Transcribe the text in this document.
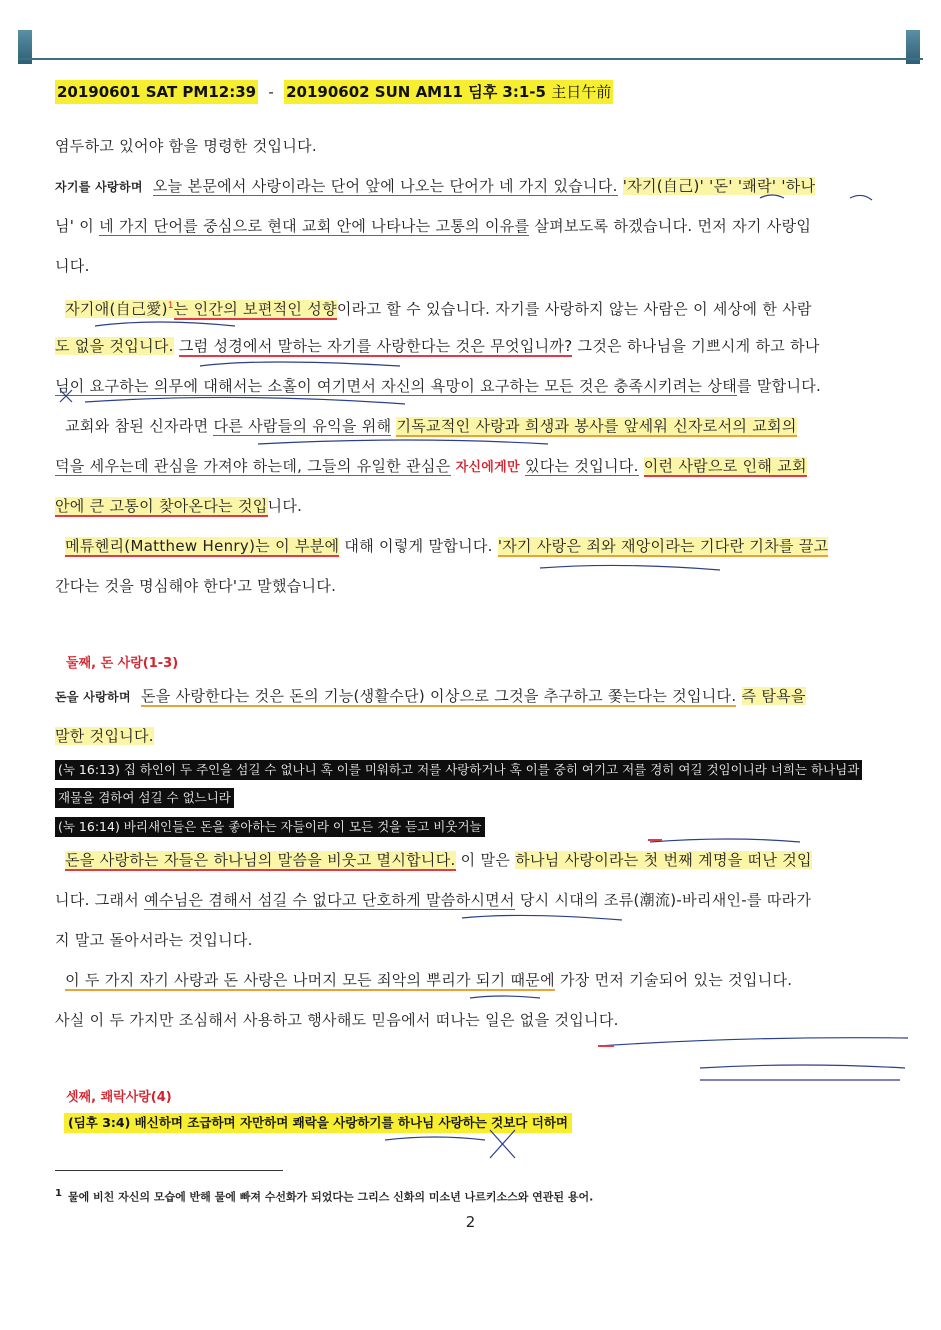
20190601 SAT PM12:39 - 20190602 SUN AM11 딤후 3:1-5 主日午前
염두하고 있어야 함을 명령한 것입니다.
자기를 사랑하며 오늘 본문에서 사랑이라는 단어 앞에 나오는 단어가 네 가지 있습니다. '자기(自己)' '돈' '쾌락' '하나
님' 이 네 가지 단어를 중심으로 현대 교회 안에 나타나는 고통의 이유를 살펴보도록 하겠습니다. 먼저 자기 사랑입
니다.
자기애(自己愛)$^1$는 인간의 보편적인 성향이라고 할 수 있습니다. 자기를 사랑하지 않는 사람은 이 세상에 한 사람
도 없을 것입니다. 그럼 성경에서 말하는 자기를 사랑한다는 것은 무엇입니까? 그것은 하나님을 기쁘시게 하고 하나
님이 요구하는 의무에 대해서는 소홀이 여기면서 자신의 욕망이 요구하는 모든 것은 충족시키려는 상태를 말합니다.
교회와 참된 신자라면 다른 사람들의 유익을 위해 기독교적인 사랑과 희생과 봉사를 앞세워 신자로서의 교회의
덕을 세우는데 관심을 가져야 하는데, 그들의 유일한 관심은 자신에게만 있다는 것입니다. 이런 사람으로 인해 교회
안에 큰 고통이 찾아온다는 것입니다.
메튜헨리(Matthew Henry)는 이 부분에 대해 이렇게 말합니다. '자기 사랑은 죄와 재앙이라는 기다란 기차를 끌고
간다는 것을 명심해야 한다'고 말했습니다.
둘째, 돈 사랑(1-3)
돈을 사랑하며 돈을 사랑한다는 것은 돈의 기능(생활수단) 이상으로 그것을 추구하고 쫓는다는 것입니다. 즉 탐욕을
말한 것입니다.
(눅 16:13) 집 하인이 두 주인을 섬길 수 없나니 혹 이를 미워하고 저를 사랑하거나 혹 이를 중히 여기고 저를 경히 여길 것임이니라 너희는 하나님과
재물을 겸하여 섬길 수 없느니라
(눅 16:14) 바리새인들은 돈을 좋아하는 자들이라 이 모든 것을 듣고 비웃거늘
돈을 사랑하는 자들은 하나님의 말씀을 비웃고 멸시합니다. 이 말은 하나님 사랑이라는 첫 번째 계명을 떠난 것입
니다. 그래서 예수님은 겸해서 섬길 수 없다고 단호하게 말씀하시면서 당시 시대의 조류(潮流)-바리새인-를 따라가
지 말고 돌아서라는 것입니다.
이 두 가지 자기 사랑과 돈 사랑은 나머지 모든 죄악의 뿌리가 되기 때문에 가장 먼저 기술되어 있는 것입니다.
사실 이 두 가지만 조심해서 사용하고 행사해도 믿음에서 떠나는 일은 없을 것입니다.
셋째, 쾌락사랑(4)
(딤후 3:4) 배신하며 조급하며 자만하며 쾌락을 사랑하기를 하나님 사랑하는 것보다 더하며
$^1$ 물에 비친 자신의 모습에 반해 물에 빠져 수선화가 되었다는 그리스 신화의 미소년 나르키소스와 연관된 용어.
2
